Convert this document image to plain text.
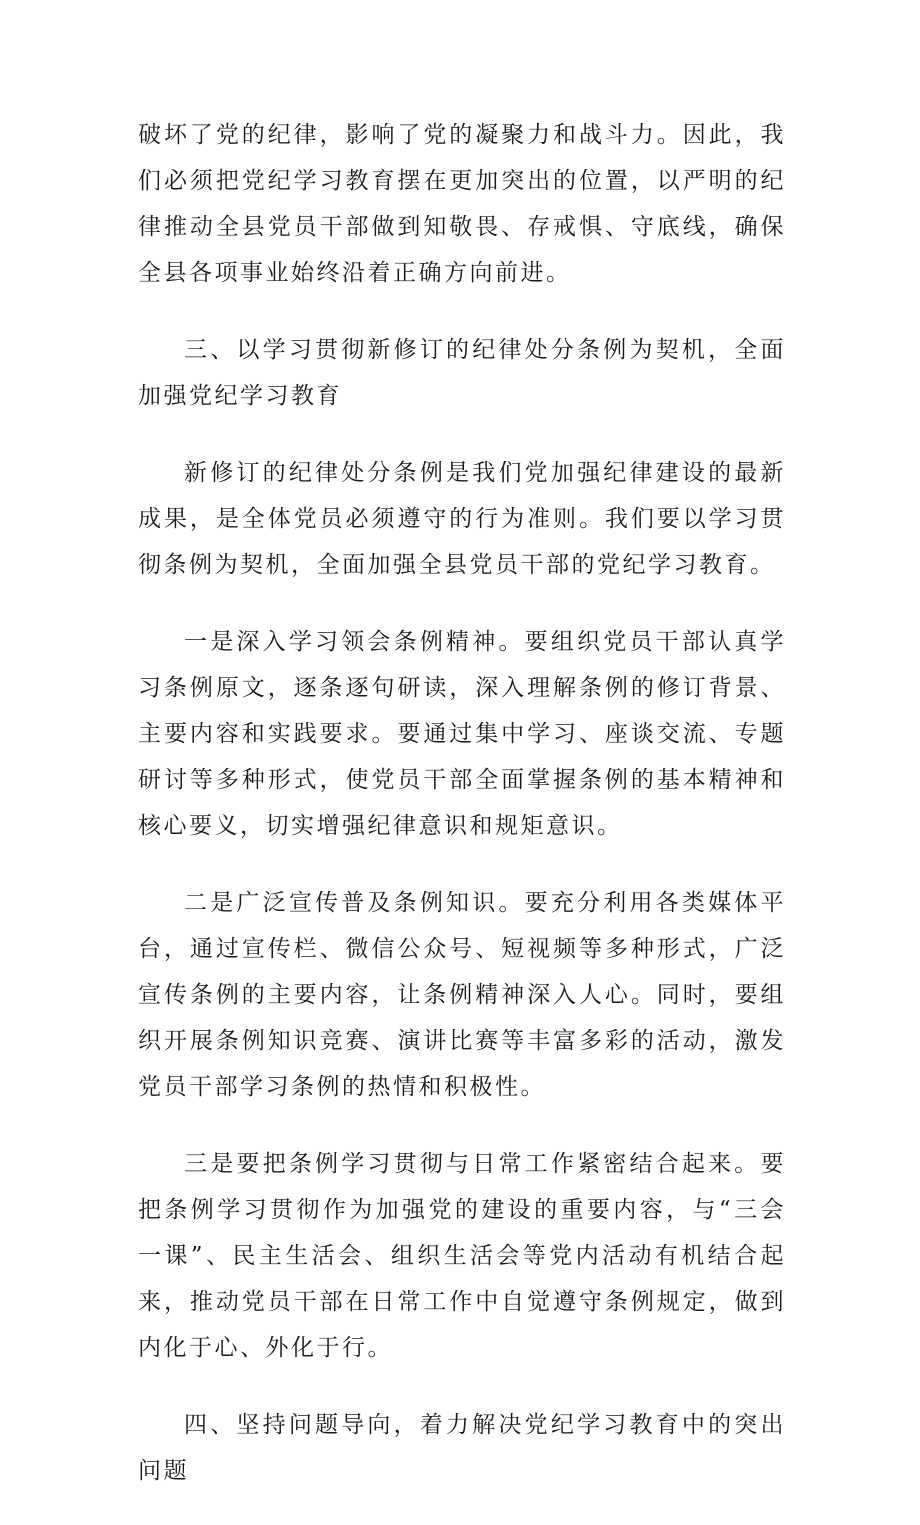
破坏了党的纪律，影响了党的凝聚力和战斗力。因此，我们必须把党纪学习教育摆在更加突出的位置，以严明的纪律推动全县党员干部做到知敬畏、存戒惧、守底线，确保全县各项事业始终沿着正确方向前进。

三、以学习贯彻新修订的纪律处分条例为契机，全面加强党纪学习教育

新修订的纪律处分条例是我们党加强纪律建设的最新成果，是全体党员必须遵守的行为准则。我们要以学习贯彻条例为契机，全面加强全县党员干部的党纪学习教育。

一是深入学习领会条例精神。要组织党员干部认真学习条例原文，逐条逐句研读，深入理解条例的修订背景、主要内容和实践要求。要通过集中学习、座谈交流、专题研讨等多种形式，使党员干部全面掌握条例的基本精神和核心要义，切实增强纪律意识和规矩意识。

二是广泛宣传普及条例知识。要充分利用各类媒体平台，通过宣传栏、微信公众号、短视频等多种形式，广泛宣传条例的主要内容，让条例精神深入人心。同时，要组织开展条例知识竞赛、演讲比赛等丰富多彩的活动，激发党员干部学习条例的热情和积极性。

三是要把条例学习贯彻与日常工作紧密结合起来。要把条例学习贯彻作为加强党的建设的重要内容，与“三会一课”、民主生活会、组织生活会等党内活动有机结合起来，推动党员干部在日常工作中自觉遵守条例规定，做到内化于心、外化于行。

四、坚持问题导向，着力解决党纪学习教育中的突出问题
